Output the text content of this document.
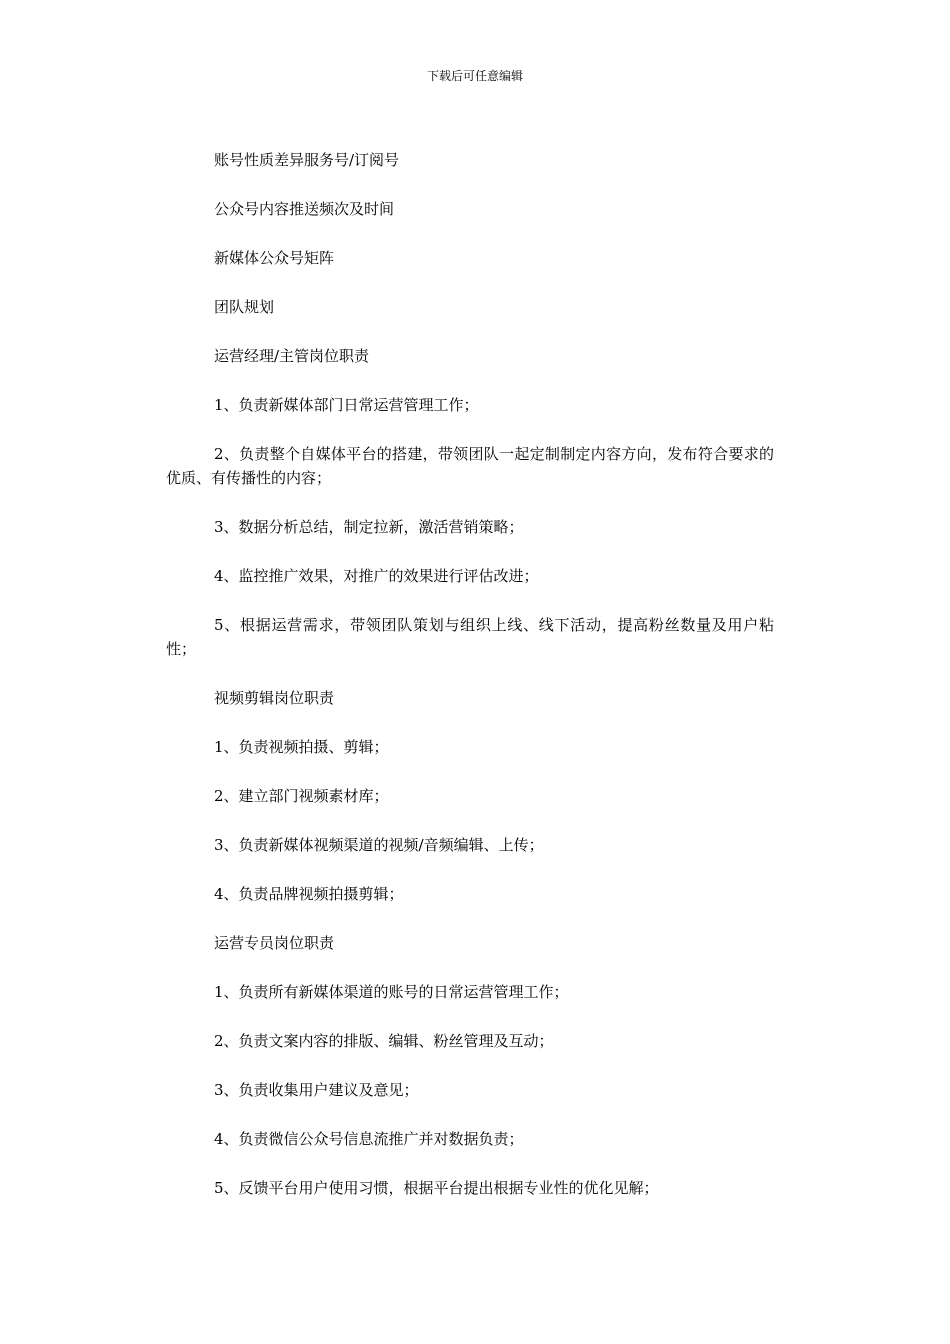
下载后可任意编辑

账号性质差异服务号/订阅号

公众号内容推送频次及时间

新媒体公众号矩阵

团队规划

运营经理/主管岗位职责

1、负责新媒体部门日常运营管理工作；

2、负责整个自媒体平台的搭建，带领团队一起定制制定内容方向，发布符合要求的优质、有传播性的内容；

3、数据分析总结，制定拉新，激活营销策略；

4、监控推广效果，对推广的效果进行评估改进；

5、根据运营需求，带领团队策划与组织上线、线下活动，提高粉丝数量及用户粘性；

视频剪辑岗位职责

1、负责视频拍摄、剪辑；

2、建立部门视频素材库；

3、负责新媒体视频渠道的视频/音频编辑、上传；

4、负责品牌视频拍摄剪辑；

运营专员岗位职责

1、负责所有新媒体渠道的账号的日常运营管理工作；

2、负责文案内容的排版、编辑、粉丝管理及互动；

3、负责收集用户建议及意见；

4、负责微信公众号信息流推广并对数据负责；

5、反馈平台用户使用习惯，根据平台提出根据专业性的优化见解；
